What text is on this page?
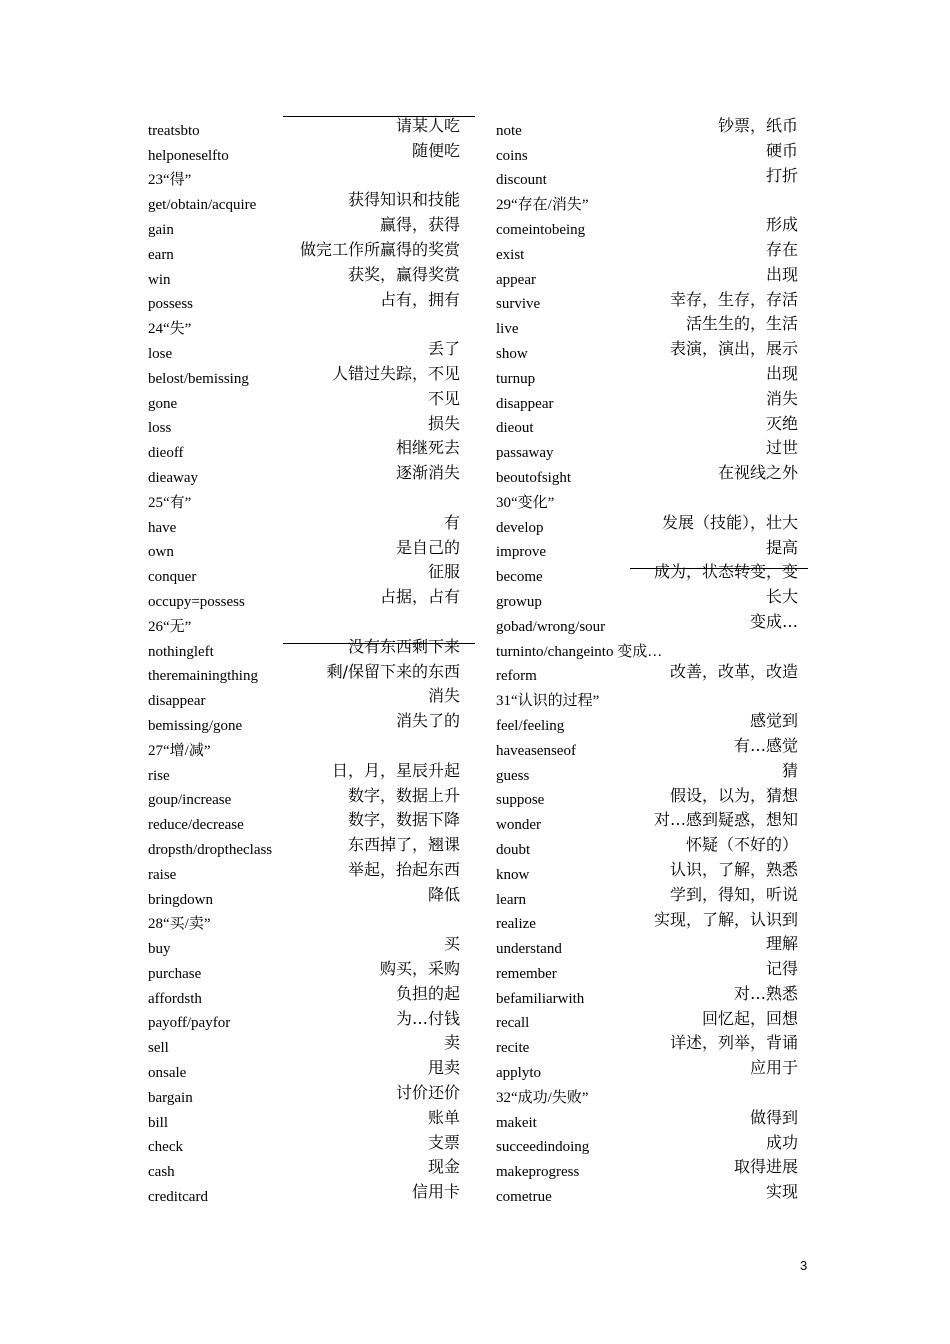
treatsbto	请某人吃
helponeselfto	随便吃
23“得”
get/obtain/acquire	获得知识和技能
gain	赢得，获得
earn	做完工作所赢得的奖赏
win	获奖，赢得奖赏
possess	占有，拥有
24“失”
lose	丢了
belost/bemissing	人错过失踪，不见
gone	不见
loss	损失
dieoff	相继死去
dieaway	逐渐消失
25“有”
have	有
own	是自己的
conquer	征服
occupy=possess	占据，占有
26“无”
nothingleft	没有东西剩下来
theremainingthing	剩/保留下来的东西
disappear	消失
bemissing/gone	消失了的
27“增/减”
rise	日，月，星辰升起
goup/increase	数字，数据上升
reduce/decrease	数字，数据下降
dropsth/droptheclass	东西掉了，翘课
raise	举起，抬起东西
bringdown	降低
28“买/卖”
buy	买
purchase	购买，采购
affordsth	负担的起
payoff/payfor	为…付钱
sell	卖
onsale	甩卖
bargain	讨价还价
bill	账单
check	支票
cash	现金
creditcard	信用卡
note	钞票，纸币
coins	硬币
discount	打折
29“存在/消失”
comeintobeing	形成
exist	存在
appear	出现
survive	幸存，生存，存活
live	活生生的，生活
show	表演，演出，展示
turnup	出现
disappear	消失
dieout	灭绝
passaway	过世
beoutofsight	在视线之外
30“变化”
develop	发展（技能），壮大
improve	提高
become	成为，状态转变，变
growup	长大
gobad/wrong/sour	变成…
turninto/changeinto 变成…
reform	改善，改革，改造
31“认识的过程”
feel/feeling	感觉到
haveasenseof	有…感觉
guess	猜
suppose	假设，以为，猜想
wonder	对…感到疑惑，想知
doubt	怀疑（不好的）
know	认识，了解，熟悉
learn	学到，得知，听说
realize	实现，了解，认识到
understand	理解
remember	记得
befamiliarwith	对…熟悉
recall	回忆起，回想
recite	详述，列举，背诵
applyto	应用于
32“成功/失败”
makeit	做得到
succeedindoing	成功
makeprogress	取得进展
cometrue	实现
3
